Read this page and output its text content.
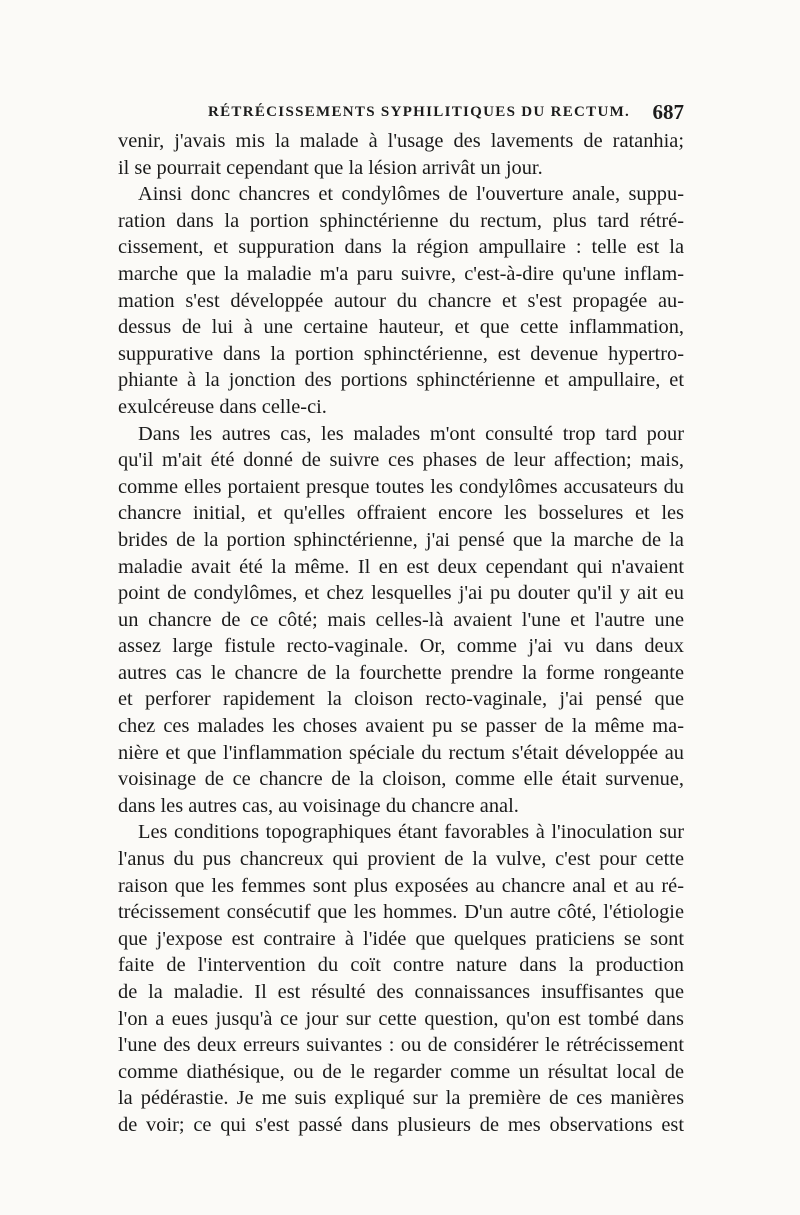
RÉTRÉCISSEMENTS SYPHILITIQUES DU RECTUM. 687
venir, j'avais mis la malade à l'usage des lavements de ratanhia;
il se pourrait cependant que la lésion arrivât un jour.
Ainsi donc chancres et condylômes de l'ouverture anale, suppu-
ration dans la portion sphinctérienne du rectum, plus tard rétré-
cissement, et suppuration dans la région ampullaire : telle est la
marche que la maladie m'a paru suivre, c'est-à-dire qu'une inflam-
mation s'est développée autour du chancre et s'est propagée au-
dessus de lui à une certaine hauteur, et que cette inflammation,
suppurative dans la portion sphinctérienne, est devenue hypertro-
phiante à la jonction des portions sphinctérienne et ampullaire, et
exulcéreuse dans celle-ci.
Dans les autres cas, les malades m'ont consulté trop tard pour
qu'il m'ait été donné de suivre ces phases de leur affection; mais,
comme elles portaient presque toutes les condylômes accusateurs du
chancre initial, et qu'elles offraient encore les bosselures et les
brides de la portion sphinctérienne, j'ai pensé que la marche de la
maladie avait été la même. Il en est deux cependant qui n'avaient
point de condylômes, et chez lesquelles j'ai pu douter qu'il y ait eu
un chancre de ce côté; mais celles-là avaient l'une et l'autre une
assez large fistule recto-vaginale. Or, comme j'ai vu dans deux
autres cas le chancre de la fourchette prendre la forme rongeante
et perforer rapidement la cloison recto-vaginale, j'ai pensé que
chez ces malades les choses avaient pu se passer de la même ma-
nière et que l'inflammation spéciale du rectum s'était développée au
voisinage de ce chancre de la cloison, comme elle était survenue,
dans les autres cas, au voisinage du chancre anal.
Les conditions topographiques étant favorables à l'inoculation sur
l'anus du pus chancreux qui provient de la vulve, c'est pour cette
raison que les femmes sont plus exposées au chancre anal et au ré-
trécissement consécutif que les hommes. D'un autre côté, l'étiologie
que j'expose est contraire à l'idée que quelques praticiens se sont
faite de l'intervention du coït contre nature dans la production
de la maladie. Il est résulté des connaissances insuffisantes que
l'on a eues jusqu'à ce jour sur cette question, qu'on est tombé dans
l'une des deux erreurs suivantes : ou de considérer le rétrécissement
comme diathésique, ou de le regarder comme un résultat local de
la pédérastie. Je me suis expliqué sur la première de ces manières
de voir; ce qui s'est passé dans plusieurs de mes observations est
